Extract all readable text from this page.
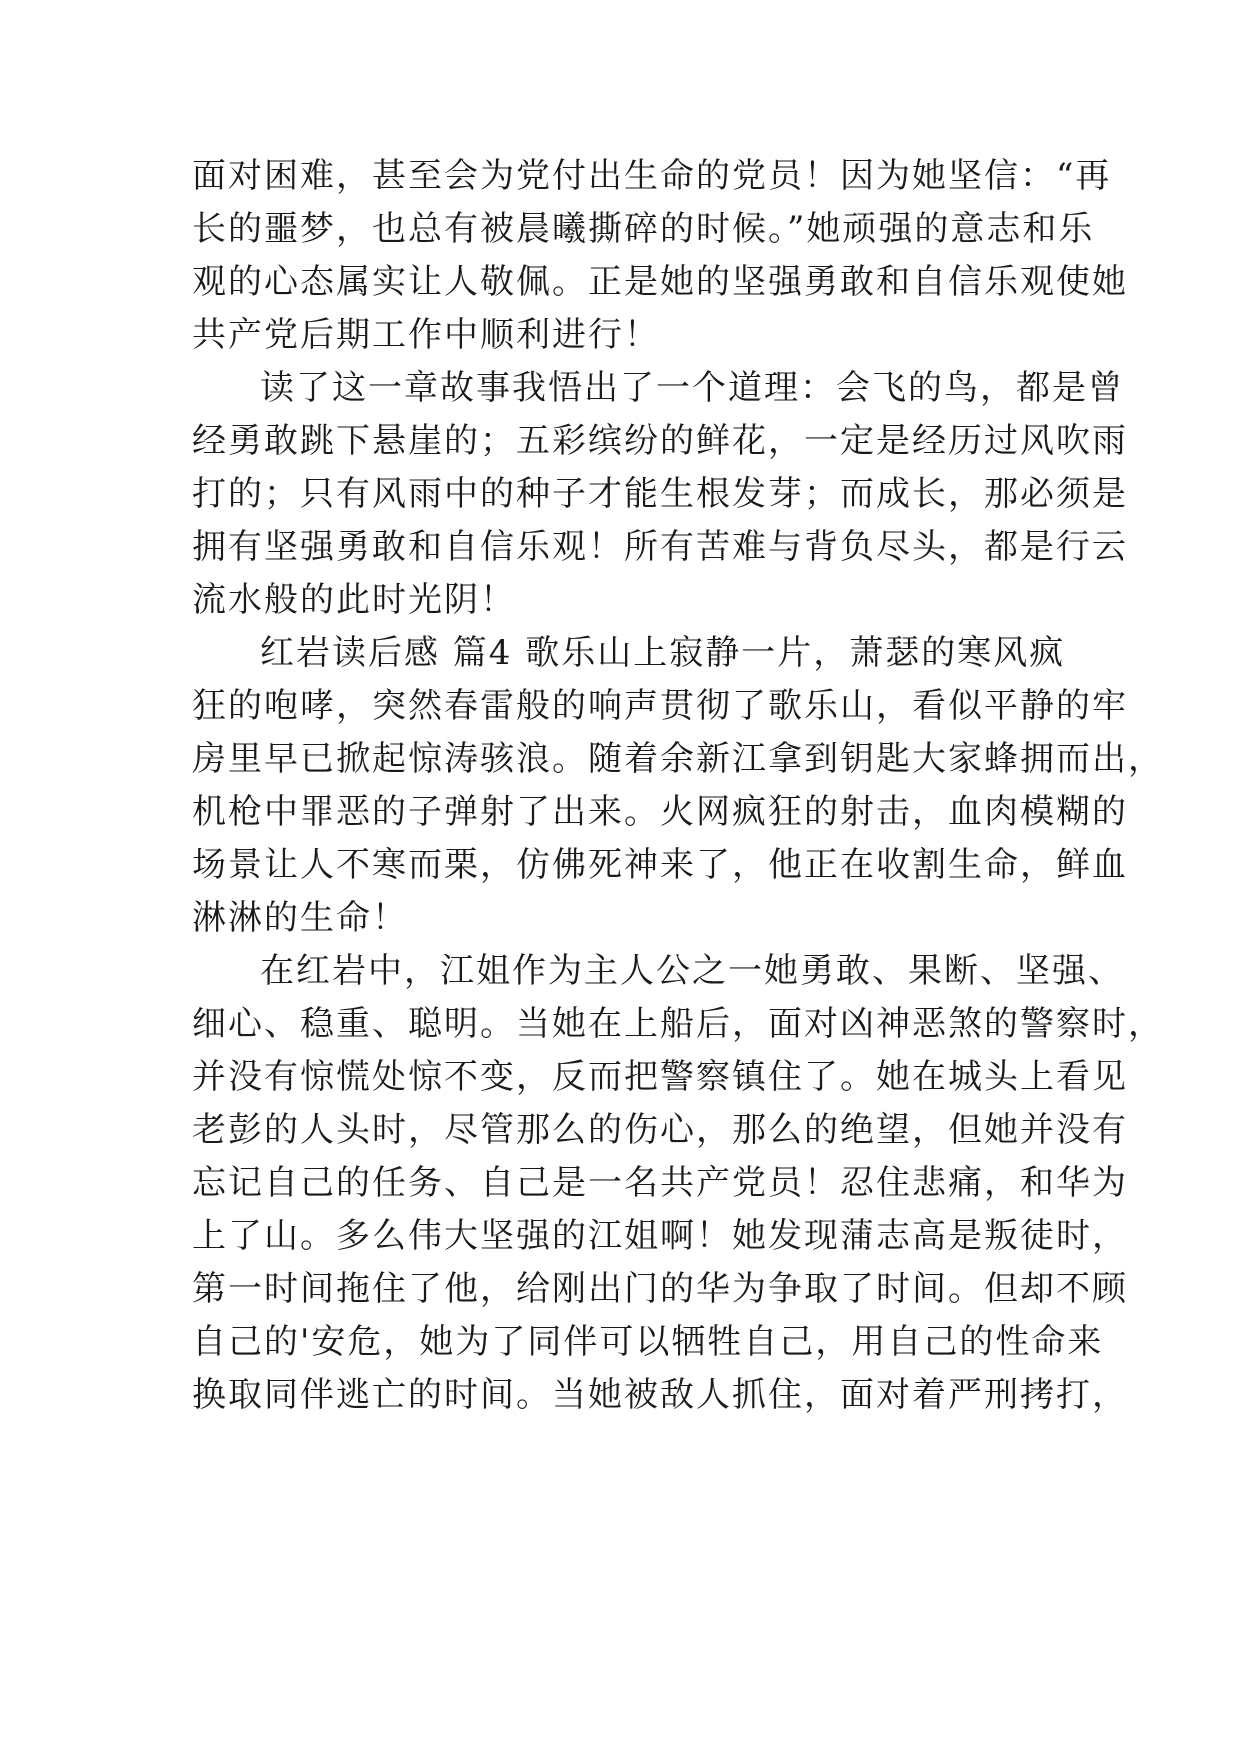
面对困难，甚至会为党付出生命的党员！因为她坚信：“再
长的噩梦，也总有被晨曦撕碎的时候。”她顽强的意志和乐
观的心态属实让人敬佩。正是她的坚强勇敢和自信乐观使她
共产党后期工作中顺利进行！
读了这一章故事我悟出了一个道理：会飞的鸟，都是曾
经勇敢跳下悬崖的；五彩缤纷的鲜花，一定是经历过风吹雨
打的；只有风雨中的种子才能生根发芽；而成长，那必须是
拥有坚强勇敢和自信乐观！所有苦难与背负尽头，都是行云
流水般的此时光阴！
红岩读后感 篇4 歌乐山上寂静一片，萧瑟的寒风疯
狂的咆哮，突然春雷般的响声贯彻了歌乐山，看似平静的牢
房里早已掀起惊涛骇浪。随着余新江拿到钥匙大家蜂拥而出，
机枪中罪恶的子弹射了出来。火网疯狂的射击，血肉模糊的
场景让人不寒而栗，仿佛死神来了，他正在收割生命，鲜血
淋淋的生命！
在红岩中，江姐作为主人公之一她勇敢、果断、坚强、
细心、稳重、聪明。当她在上船后，面对凶神恶煞的警察时，
并没有惊慌处惊不变，反而把警察镇住了。她在城头上看见
老彭的人头时，尽管那么的伤心，那么的绝望，但她并没有
忘记自己的任务、自己是一名共产党员！忍住悲痛，和华为
上了山。多么伟大坚强的江姐啊！她发现蒲志高是叛徒时，
第一时间拖住了他，给刚出门的华为争取了时间。但却不顾
自己的'安危，她为了同伴可以牺牲自己，用自己的性命来
换取同伴逃亡的时间。当她被敌人抓住，面对着严刑拷打，
